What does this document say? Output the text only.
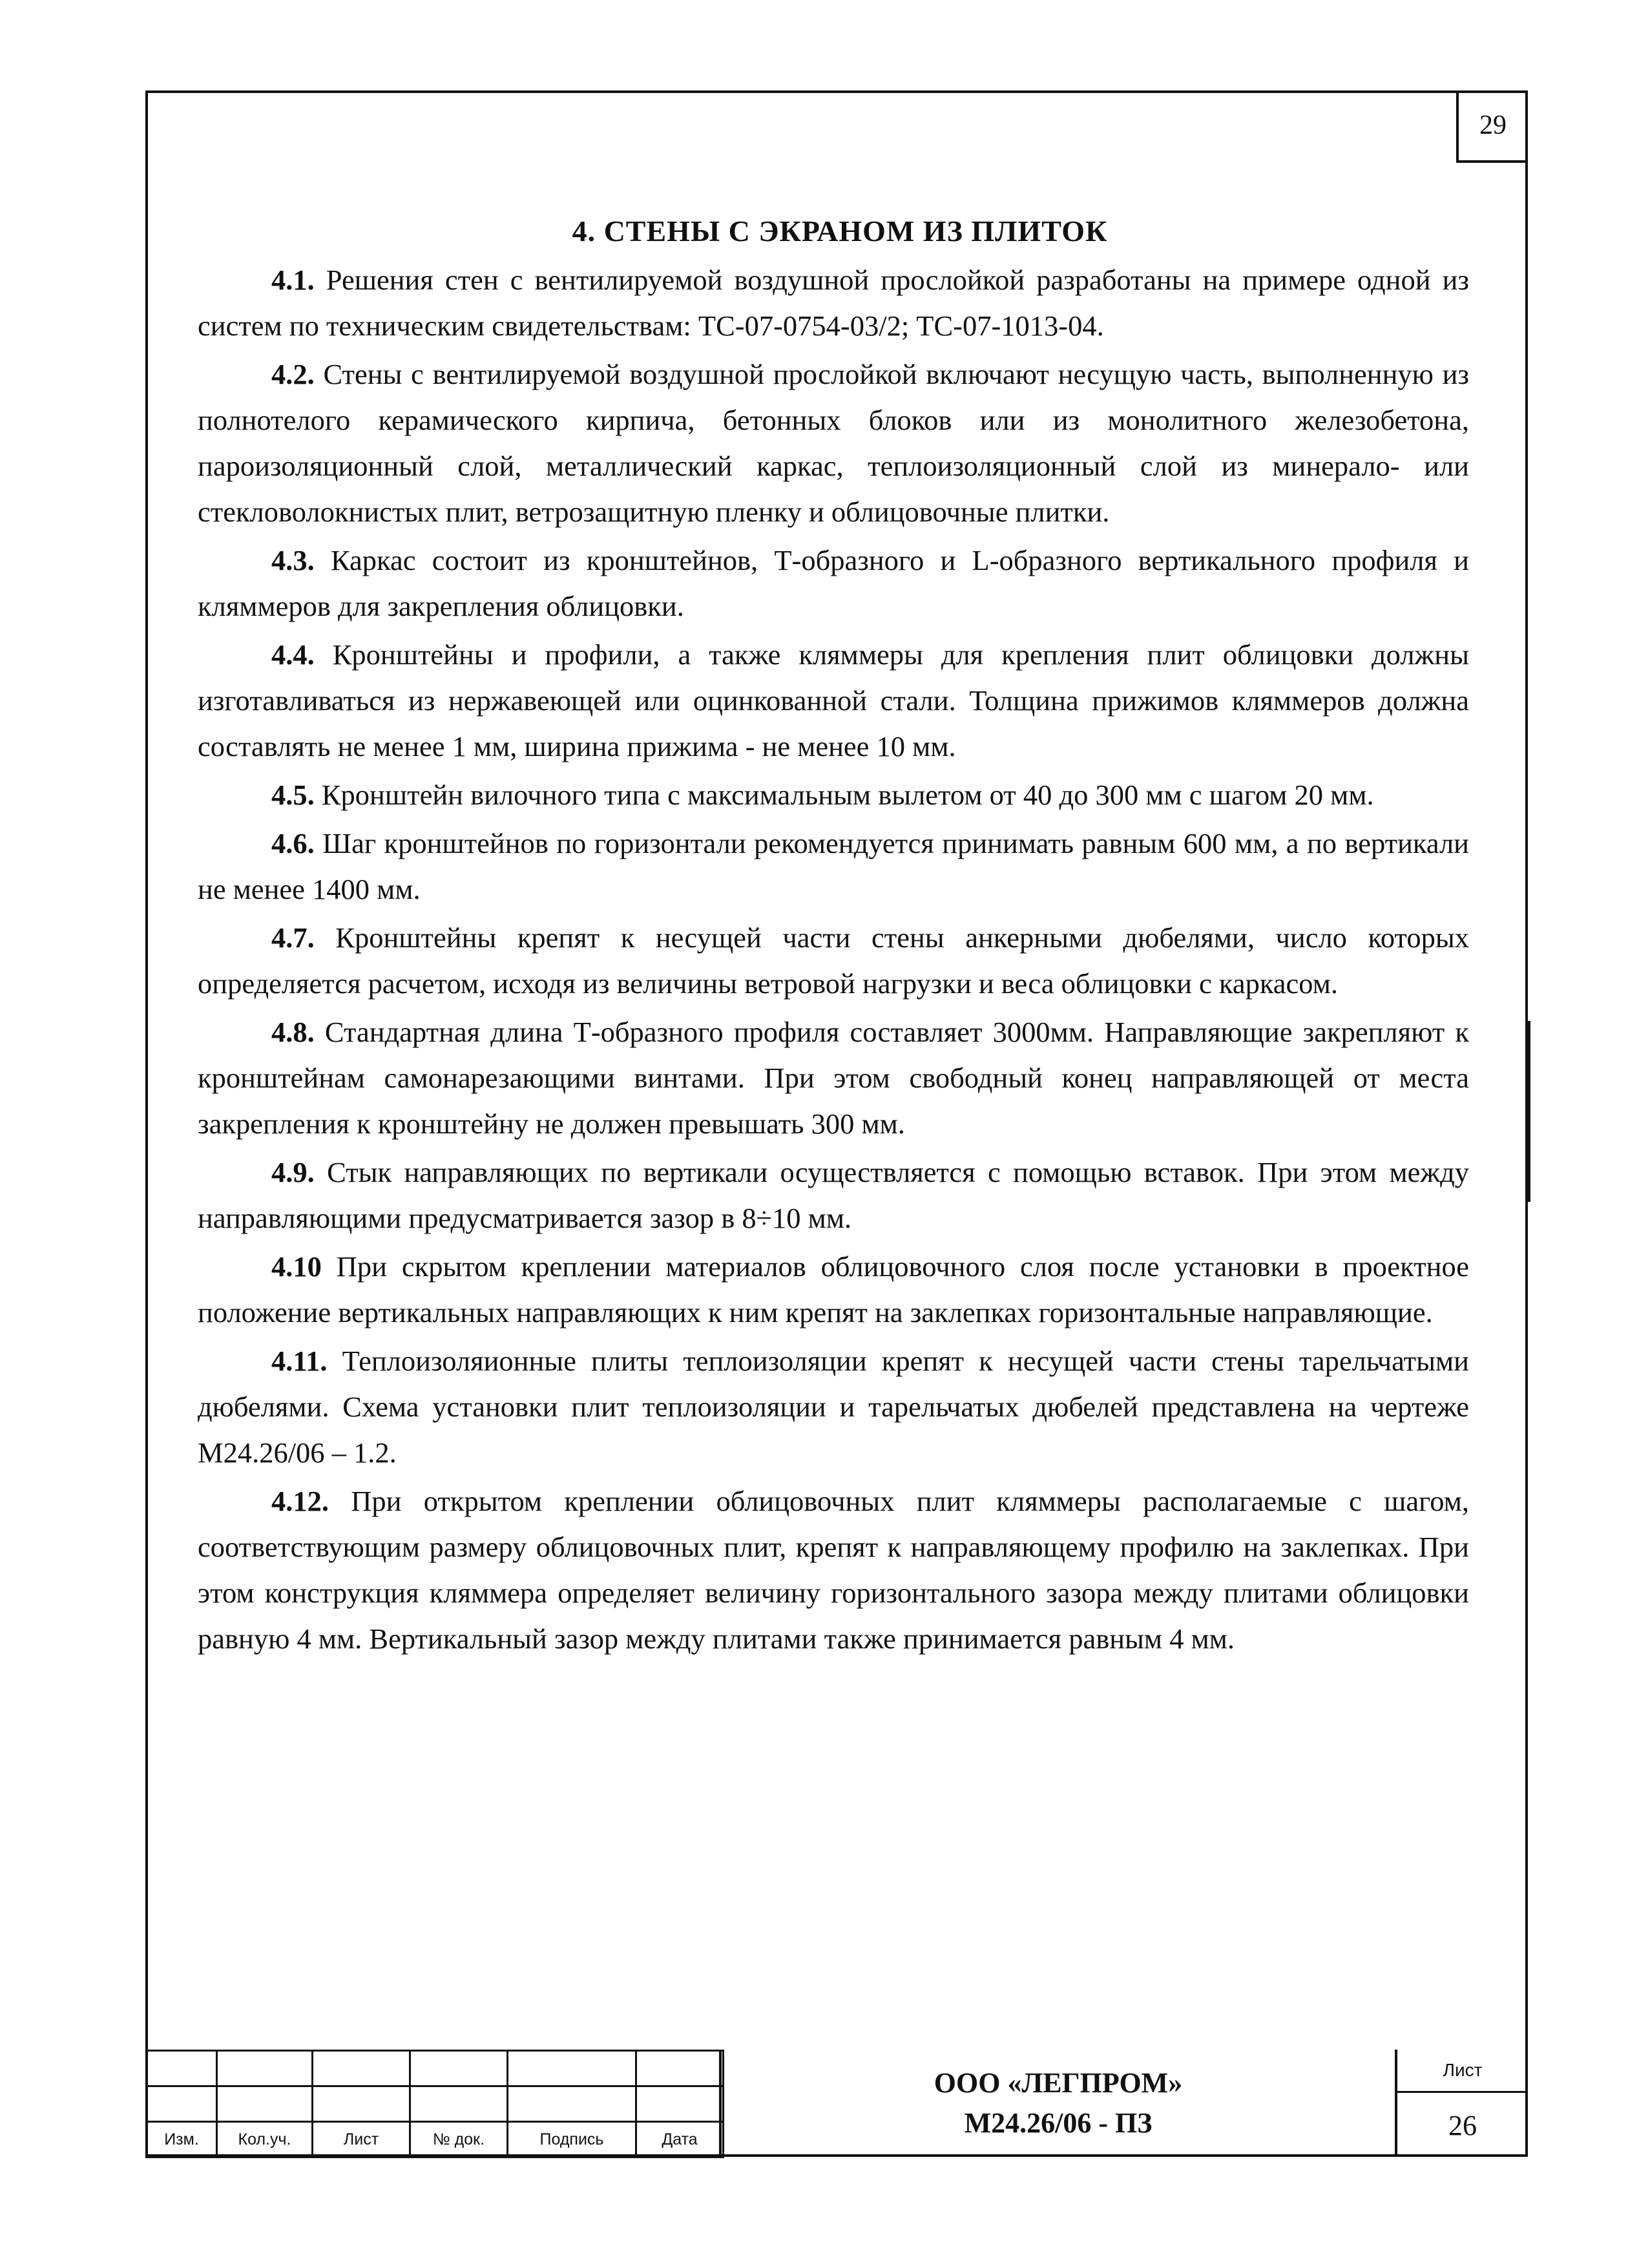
29
4. СТЕНЫ С ЭКРАНОМ ИЗ ПЛИТОК

4.1. Решения стен с вентилируемой воздушной прослойкой разработаны на примере одной из систем по техническим свидетельствам: ТС-07-0754-03/2; ТС-07-1013-04.

4.2. Стены с вентилируемой воздушной прослойкой включают несущую часть, выполненную из полнотелого керамического кирпича, бетонных блоков или из монолитного железобетона, пароизоляционный слой, металлический каркас, теплоизоляционный слой из минерало- или стекловолокнистых плит, ветрозащитную пленку и облицовочные плитки.

4.3. Каркас состоит из кронштейнов, Т-образного и L-образного вертикального профиля и кляммеров для закрепления облицовки.

4.4. Кронштейны и профили, а также кляммеры для крепления плит облицовки должны изготавливаться из нержавеющей или оцинкованной стали. Толщина прижимов кляммеров должна составлять не менее 1 мм, ширина прижима - не менее 10 мм.

4.5. Кронштейн вилочного типа с максимальным вылетом от 40 до 300 мм с шагом 20 мм.

4.6. Шаг кронштейнов по горизонтали рекомендуется принимать равным 600 мм, а по вертикали не менее 1400 мм.

4.7. Кронштейны крепят к несущей части стены анкерными дюбелями, число которых определяется расчетом, исходя из величины ветровой нагрузки и веса облицовки с каркасом.

4.8. Стандартная длина Т-образного профиля составляет 3000мм. Направляющие закрепляют к кронштейнам самонарезающими винтами. При этом свободный конец направляющей от места закрепления к кронштейну не должен превышать 300 мм.

4.9. Стык направляющих по вертикали осуществляется с помощью вставок. При этом между направляющими предусматривается зазор в 8÷10 мм.

4.10 При скрытом креплении материалов облицовочного слоя после установки в проектное положение вертикальных направляющих к ним крепят на заклепках горизонтальные направляющие.

4.11. Теплоизоляионные плиты теплоизоляции крепят к несущей части стены тарельчатыми дюбелями. Схема установки плит теплоизоляции и тарельчатых дюбелей представлена на чертеже М24.26/06 – 1.2.

4.12. При открытом креплении облицовочных плит кляммеры располагаемые с шагом, соответствующим размеру облицовочных плит, крепят к направляющему профилю на заклепках. При этом конструкция кляммера определяет величину горизонтального зазора между плитами облицовки равную 4 мм. Вертикальный зазор между плитами также принимается равным 4 мм.

Изм.	Кол.уч.	Лист	№ док.	Подпись	Дата
ООО «ЛЕГПРОМ»
М24.26/06 - ПЗ
Лист
26
